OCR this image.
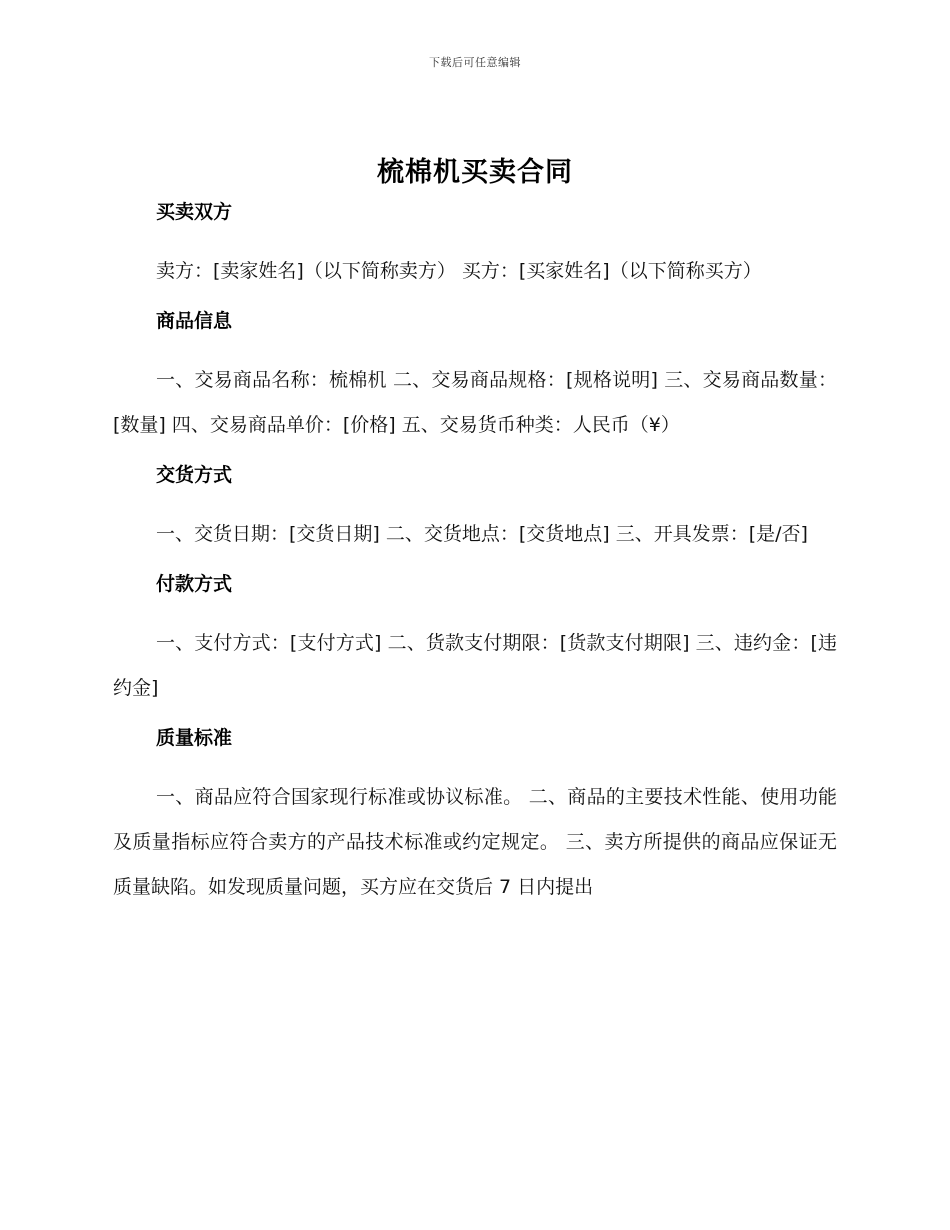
下载后可任意编辑
梳棉机买卖合同
买卖双方
卖方：[卖家姓名]（以下简称卖方） 买方：[买家姓名]（以下简称买方）
商品信息
一、交易商品名称：梳棉机 二、交易商品规格：[规格说明] 三、交易商品数量：[数量] 四、交易商品单价：[价格] 五、交易货币种类：人民币（¥）
交货方式
一、交货日期：[交货日期] 二、交货地点：[交货地点] 三、开具发票：[是/否]
付款方式
一、支付方式：[支付方式] 二、货款支付期限：[货款支付期限] 三、违约金：[违约金]
质量标准
一、商品应符合国家现行标准或协议标准。 二、商品的主要技术性能、使用功能及质量指标应符合卖方的产品技术标准或约定规定。 三、卖方所提供的商品应保证无质量缺陷。如发现质量问题，买方应在交货后 7 日内提出
